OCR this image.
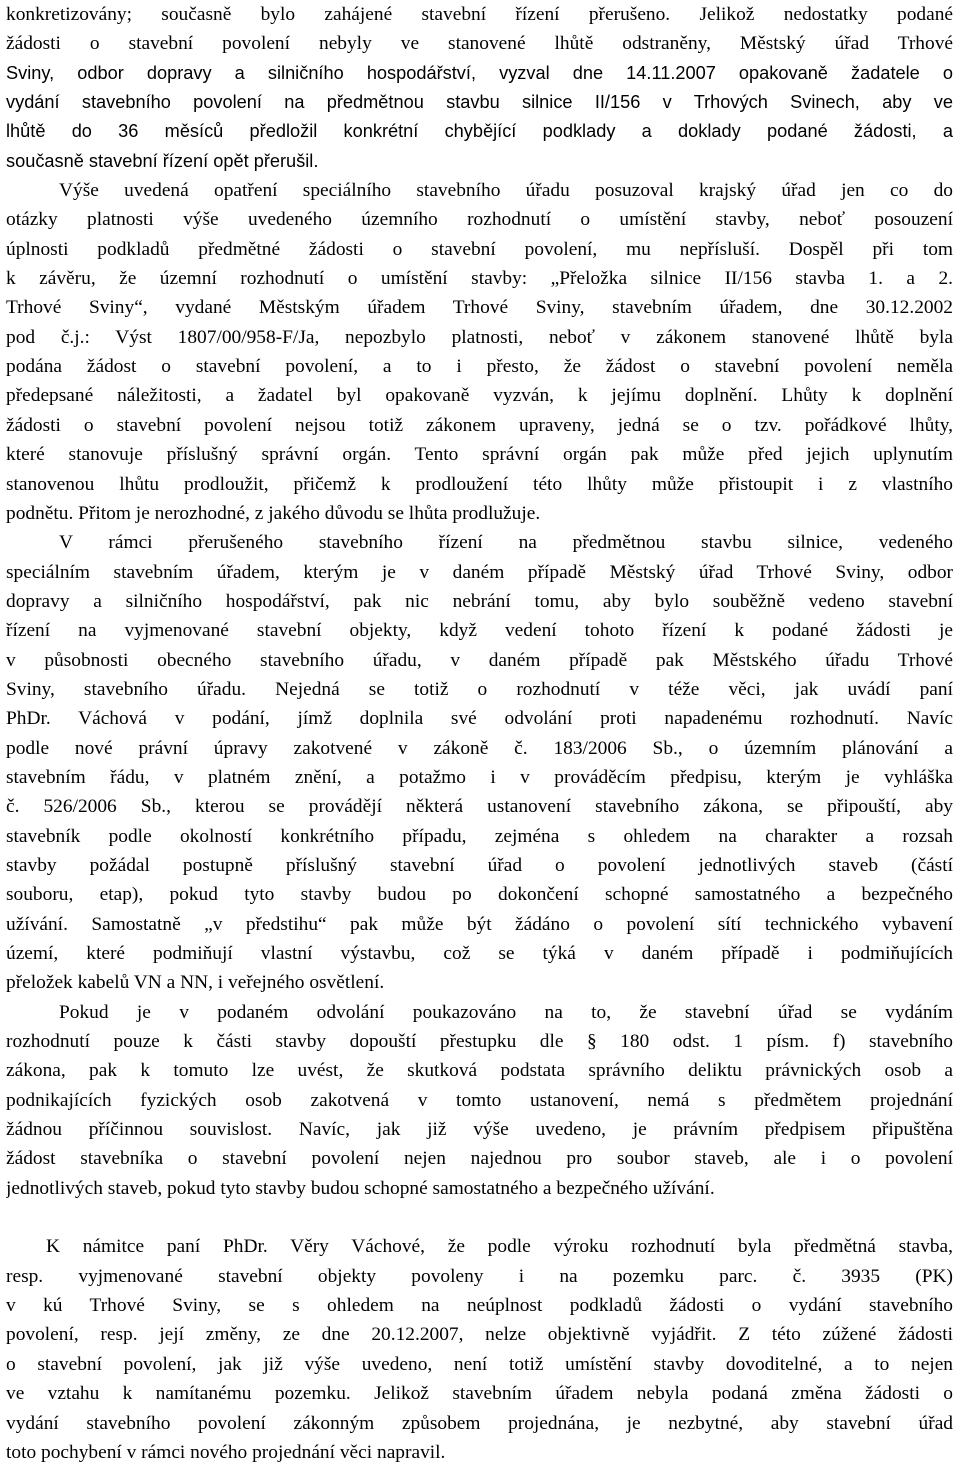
konkretizovány; současně bylo zahájené stavební řízení přerušeno. Jelikož nedostatky podané
žádosti o stavební povolení nebyly ve stanovené lhůtě odstraněny, Městský úřad Trhové
Sviny, odbor dopravy a silničního hospodářství, vyzval dne 14.11.2007 opakovaně žadatele o
vydání stavebního povolení na předmětnou stavbu silnice II/156 v Trhových Svinech, aby ve
lhůtě do 36 měsíců předložil konkrétní chybějící podklady a doklady podané žádosti, a
současně stavební řízení opět přerušil.
Výše uvedená opatření speciálního stavebního úřadu posuzoval krajský úřad jen co do
otázky platnosti výše uvedeného územního rozhodnutí o umístění stavby, neboť posouzení
úplnosti podkladů předmětné žádosti o stavební povolení, mu nepřísluší. Dospěl při tom
k závěru, že územní rozhodnutí o umístění stavby: „Přeložka silnice II/156 stavba 1. a 2.
Trhové Sviny“, vydané Městským úřadem Trhové Sviny, stavebním úřadem, dne 30.12.2002
pod č.j.: Výst 1807/00/958-F/Ja, nepozbylo platnosti, neboť v zákonem stanovené lhůtě byla
podána žádost o stavební povolení, a to i přesto, že žádost o stavební povolení neměla
předepsané náležitosti, a žadatel byl opakovaně vyzván, k jejímu doplnění. Lhůty k doplnění
žádosti o stavební povolení nejsou totiž zákonem upraveny, jedná se o tzv. pořádkové lhůty,
které stanovuje příslušný správní orgán. Tento správní orgán pak může před jejich uplynutím
stanovenou lhůtu prodloužit, přičemž k prodloužení této lhůty může přistoupit i z vlastního
podnětu. Přitom je nerozhodné, z jakého důvodu se lhůta prodlužuje.
V rámci přerušeného stavebního řízení na předmětnou stavbu silnice, vedeného
speciálním stavebním úřadem, kterým je v daném případě Městský úřad Trhové Sviny, odbor
dopravy a silničního hospodářství, pak nic nebrání tomu, aby bylo souběžně vedeno stavební
řízení na vyjmenované stavební objekty, když vedení tohoto řízení k podané žádosti je
v působnosti obecného stavebního úřadu, v daném případě pak Městského úřadu Trhové
Sviny, stavebního úřadu. Nejedná se totiž o rozhodnutí v téže věci, jak uvádí paní
PhDr. Váchová v podání, jímž doplnila své odvolání proti napadenému rozhodnutí. Navíc
podle nové právní úpravy zakotvené v zákoně č. 183/2006 Sb., o územním plánování a
stavebním řádu, v platném znění, a potažmo i v prováděcím předpisu, kterým je vyhláška
č. 526/2006 Sb., kterou se provádějí některá ustanovení stavebního zákona, se připouští, aby
stavebník podle okolností konkrétního případu, zejména s ohledem na charakter a rozsah
stavby požádal postupně příslušný stavební úřad o povolení jednotlivých staveb (částí
souboru, etap), pokud tyto stavby budou po dokončení schopné samostatného a bezpečného
užívání. Samostatně „v předstihu“ pak může být žádáno o povolení sítí technického vybavení
území, které podmiňují vlastní výstavbu, což se týká v daném případě i podmiňujících
přeložek kabelů VN a NN, i veřejného osvětlení.
Pokud je v podaném odvolání poukazováno na to, že stavební úřad se vydáním
rozhodnutí pouze k části stavby dopouští přestupku dle § 180 odst. 1 písm. f) stavebního
zákona, pak k tomuto lze uvést, že skutková podstata správního deliktu právnických osob a
podnikajících fyzických osob zakotvená v tomto ustanovení, nemá s předmětem projednání
žádnou příčinnou souvislost. Navíc, jak již výše uvedeno, je právním předpisem připuštěna
žádost stavebníka o stavební povolení nejen najednou pro soubor staveb, ale i o povolení
jednotlivých staveb, pokud tyto stavby budou schopné samostatného a bezpečného užívání.
K námitce paní PhDr. Věry Váchové, že podle výroku rozhodnutí byla předmětná stavba,
resp. vyjmenované stavební objekty povoleny i na pozemku parc. č. 3935 (PK)
v kú Trhové Sviny, se s ohledem na neúplnost podkladů žádosti o vydání stavebního
povolení, resp. její změny, ze dne 20.12.2007, nelze objektivně vyjádřit. Z této zúžené žádosti
o stavební povolení, jak již výše uvedeno, není totiž umístění stavby dovoditelné, a to nejen
ve vztahu k namítanému pozemku. Jelikož stavebním úřadem nebyla podaná změna žádosti o
vydání stavebního povolení zákonným způsobem projednána, je nezbytné, aby stavební úřad
toto pochybení v rámci nového projednání věci napravil.
